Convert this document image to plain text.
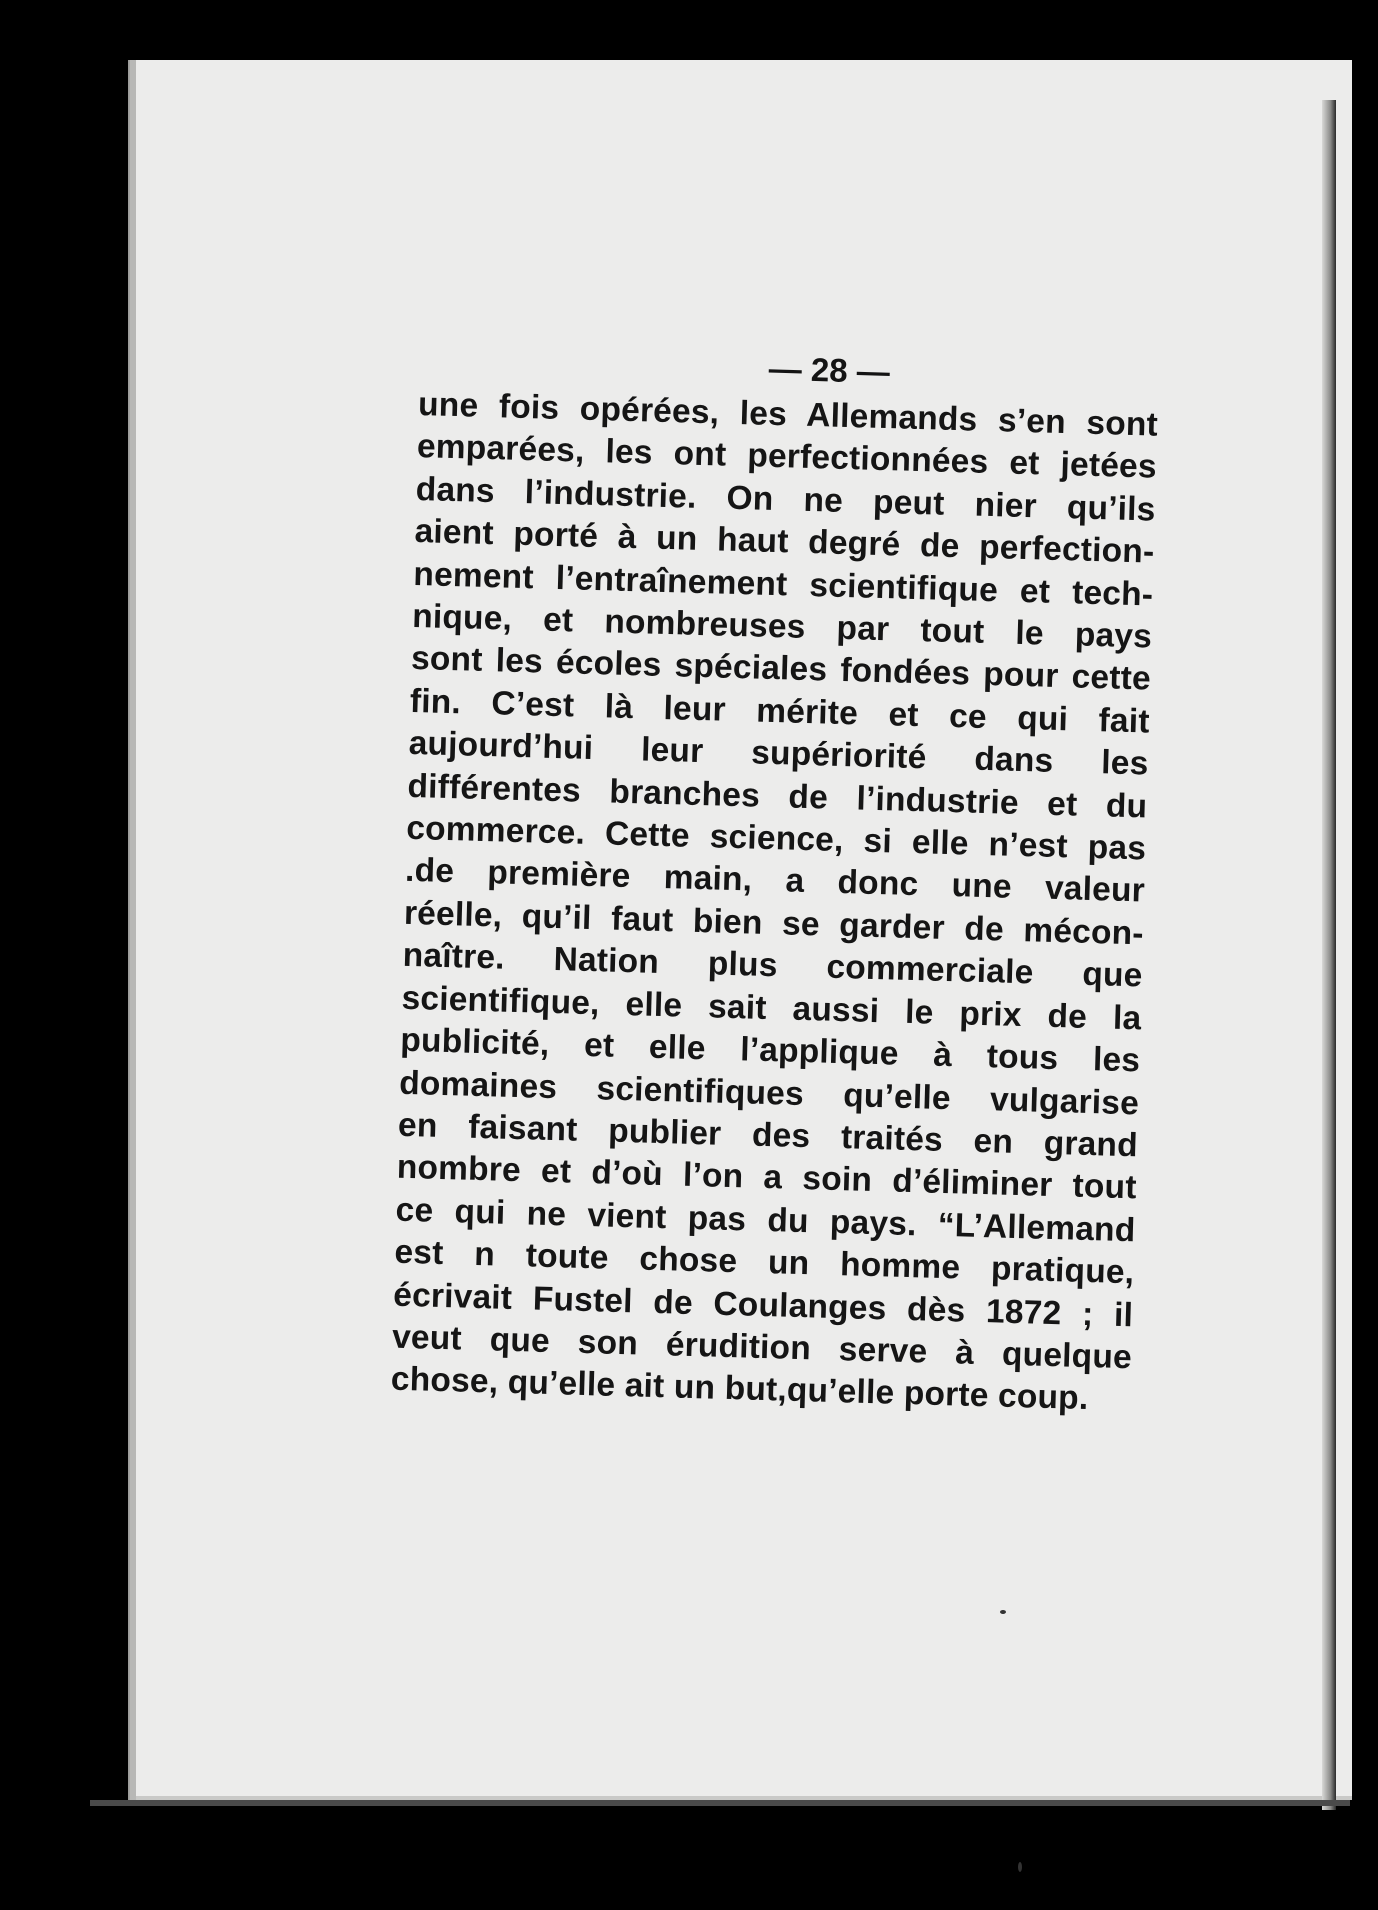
— 28 —
une fois opérées, les Allemands s’en sont
emparées, les ont perfectionnées et jetées
dans l’industrie. On ne peut nier qu’ils
aient porté à un haut degré de perfection-
nement l’entraînement scientifique et tech-
nique, et nombreuses par tout le pays
sont les écoles spéciales fondées pour cette
fin. C’est là leur mérite et ce qui fait
aujourd’hui leur supériorité dans les
différentes branches de l’industrie et du
commerce. Cette science, si elle n’est pas
.de première main, a donc une valeur
réelle, qu’il faut bien se garder de mécon-
naître. Nation plus commerciale que
scientifique, elle sait aussi le prix de la
publicité, et elle l’applique à tous les
domaines scientifiques qu’elle vulgarise
en faisant publier des traités en grand
nombre et d’où l’on a soin d’éliminer tout
ce qui ne vient pas du pays. “L’Allemand
est n toute chose un homme pratique,
écrivait Fustel de Coulanges dès 1872 ; il
veut que son érudition serve à quelque
chose, qu’elle ait un but,qu’elle porte coup.
